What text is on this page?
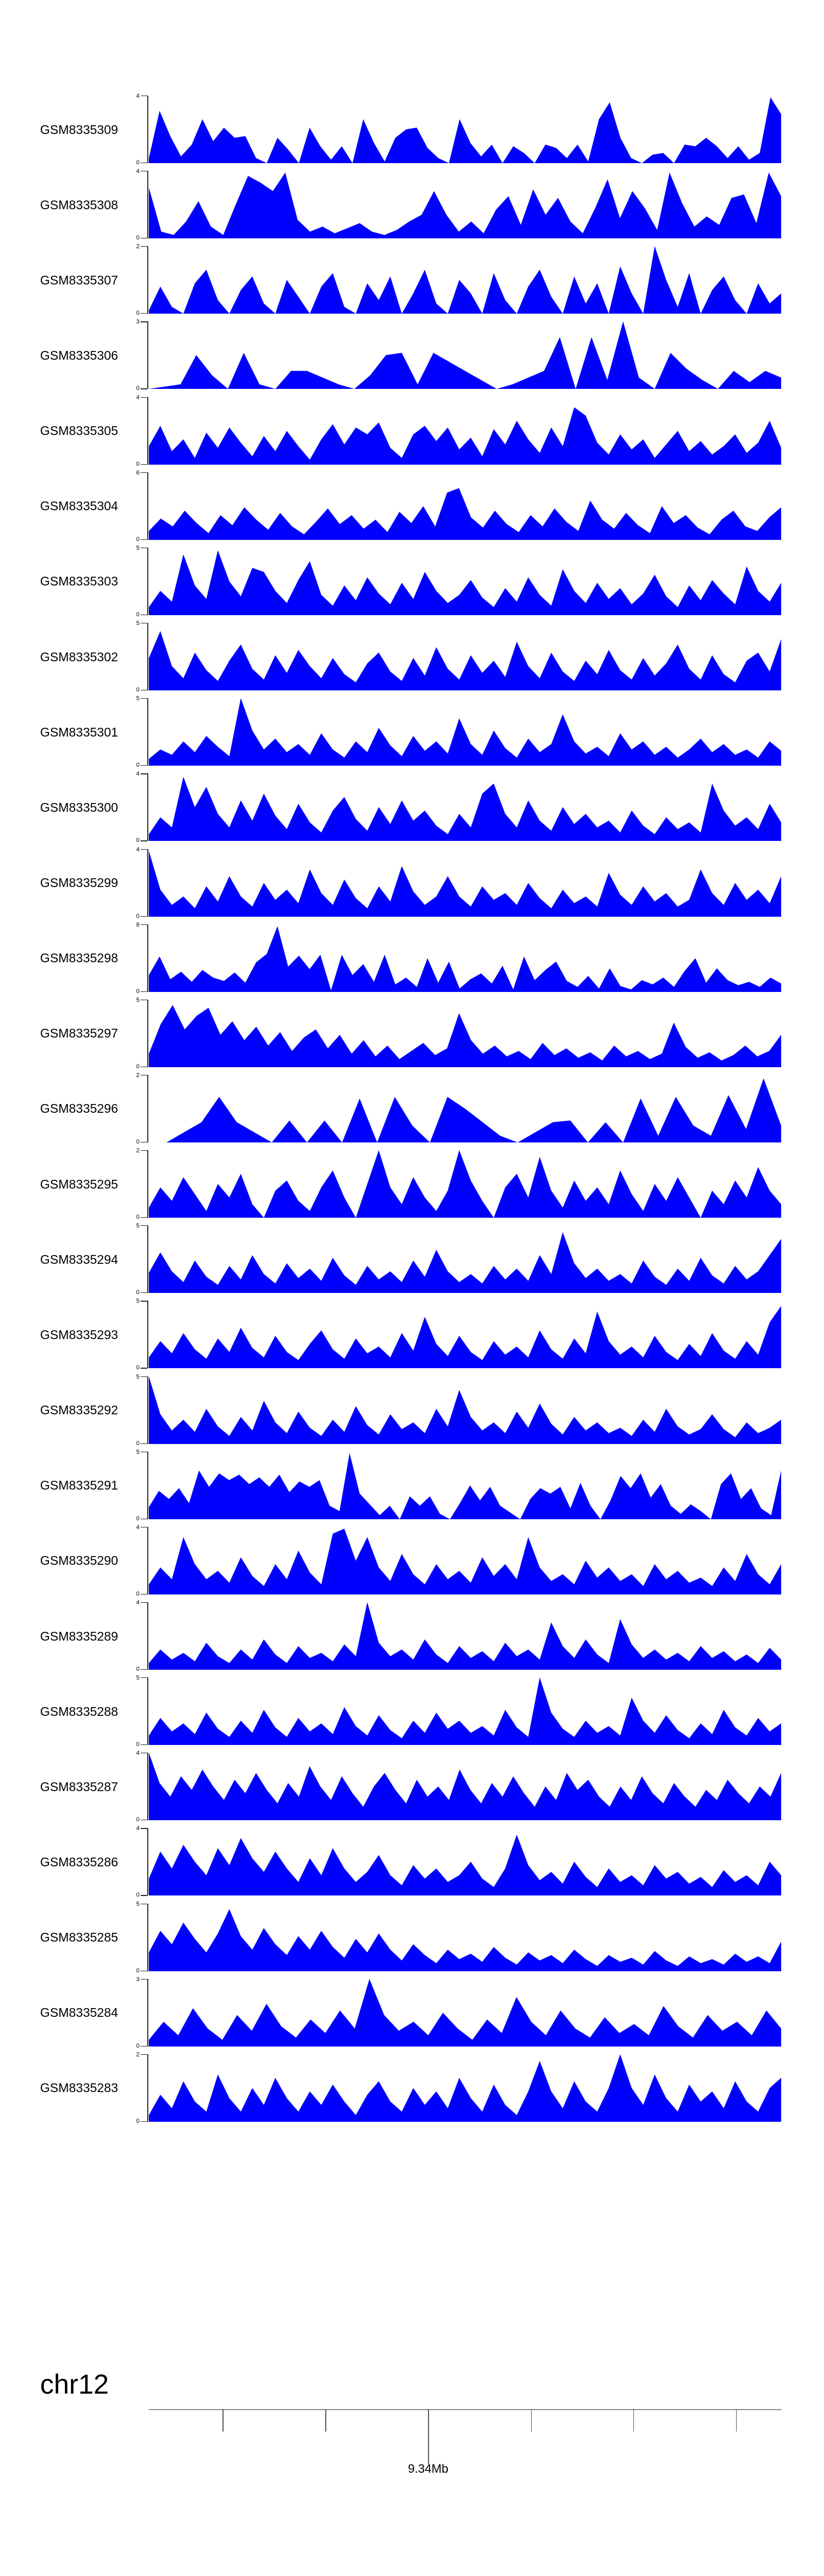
GSM8335309
4
0
GSM8335308
4
0
GSM8335307
2
0
GSM8335306
3
0
GSM8335305
4
0
GSM8335304
6
0
GSM8335303
5
0
GSM8335302
5
0
GSM8335301
5
0
GSM8335300
4
0
GSM8335299
4
0
GSM8335298
8
0
GSM8335297
5
0
GSM8335296
2
0
GSM8335295
2
0
GSM8335294
5
0
GSM8335293
5
0
GSM8335292
5
0
GSM8335291
5
0
GSM8335290
4
0
GSM8335289
4
0
GSM8335288
5
0
GSM8335287
4
0
GSM8335286
4
0
GSM8335285
5
0
GSM8335284
3
0
GSM8335283
2
0
chr12
9.34Mb
